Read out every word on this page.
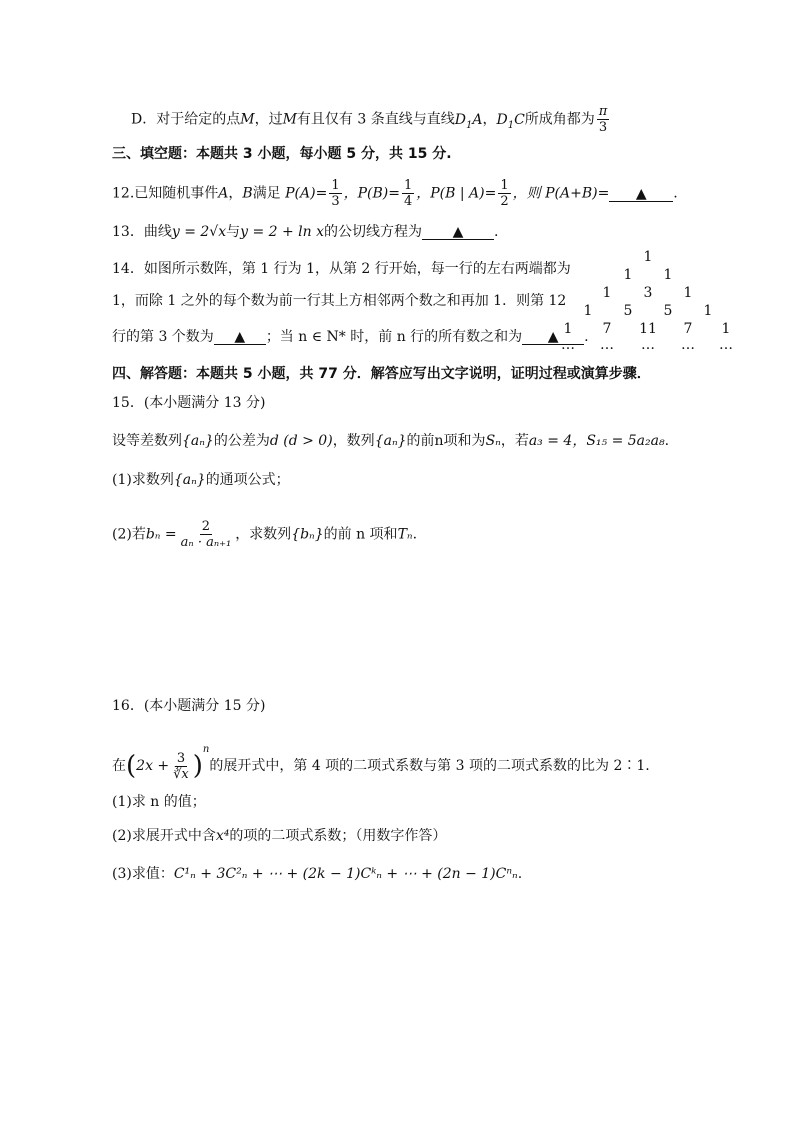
D．对于给定的点M，过M有且仅有 3 条直线与直线$D_1A$，$D_1C$所成角都为 $\frac{\pi}{3}$
三、填空题：本题共 3 小题，每小题 5 分，共 15 分.
12.已知随机事件A，B满足 $P(A)= \frac{1}{3}$ ，$P(B)= \frac{1}{4}$ ，P(B | $A)= \frac{1}{2}$ ，则 P(A+B)= ▲ .
13．曲线y = 2√x与y = 2 + ln x的公切线方程为 ▲ .
14．如图所示数阵，第 1 行为 1，从第 2 行开始，每一行的左右两端都为
1，而除 1 之外的每个数为前一行其上方相邻两个数之和再加 1．则第 12
行的第 3 个数为 ▲ ；当 n ∈ N* 时，前 n 行的所有数之和为 ▲ .
1
1	1
1	3	1
1	5	5	1
1	7	11	7	1
… … … … …
四、解答题：本题共 5 小题，共 77 分．解答应写出文字说明，证明过程或演算步骤．
15．(本小题满分 13 分)
设等差数列{aₙ}的公差为d (d > 0)，数列{aₙ}的前n项和为Sₙ，若a₃ = 4，S₁₅ = 5a₂a₈.
(1)求数列{aₙ}的通项公式；
(2)若$b_n = \frac{2}{\text{aₙ · aₙ₊₁}}$ ，求数列{bₙ}的前 n 项和Tₙ.
16．(本小题满分 15 分)
在$(2x + \frac{3}{∛x} )^n$的展开式中，第 4 项的二项式系数与第 3 项的二项式系数的比为 2∶1.
(1)求 n 的值；
(2)求展开式中含x⁴的项的二项式系数；（用数字作答）
(3)求值：C¹ₙ + 3C²ₙ + ⋯ + (2k − 1)Cᵏₙ + ⋯ + (2n − 1)Cⁿₙ.
